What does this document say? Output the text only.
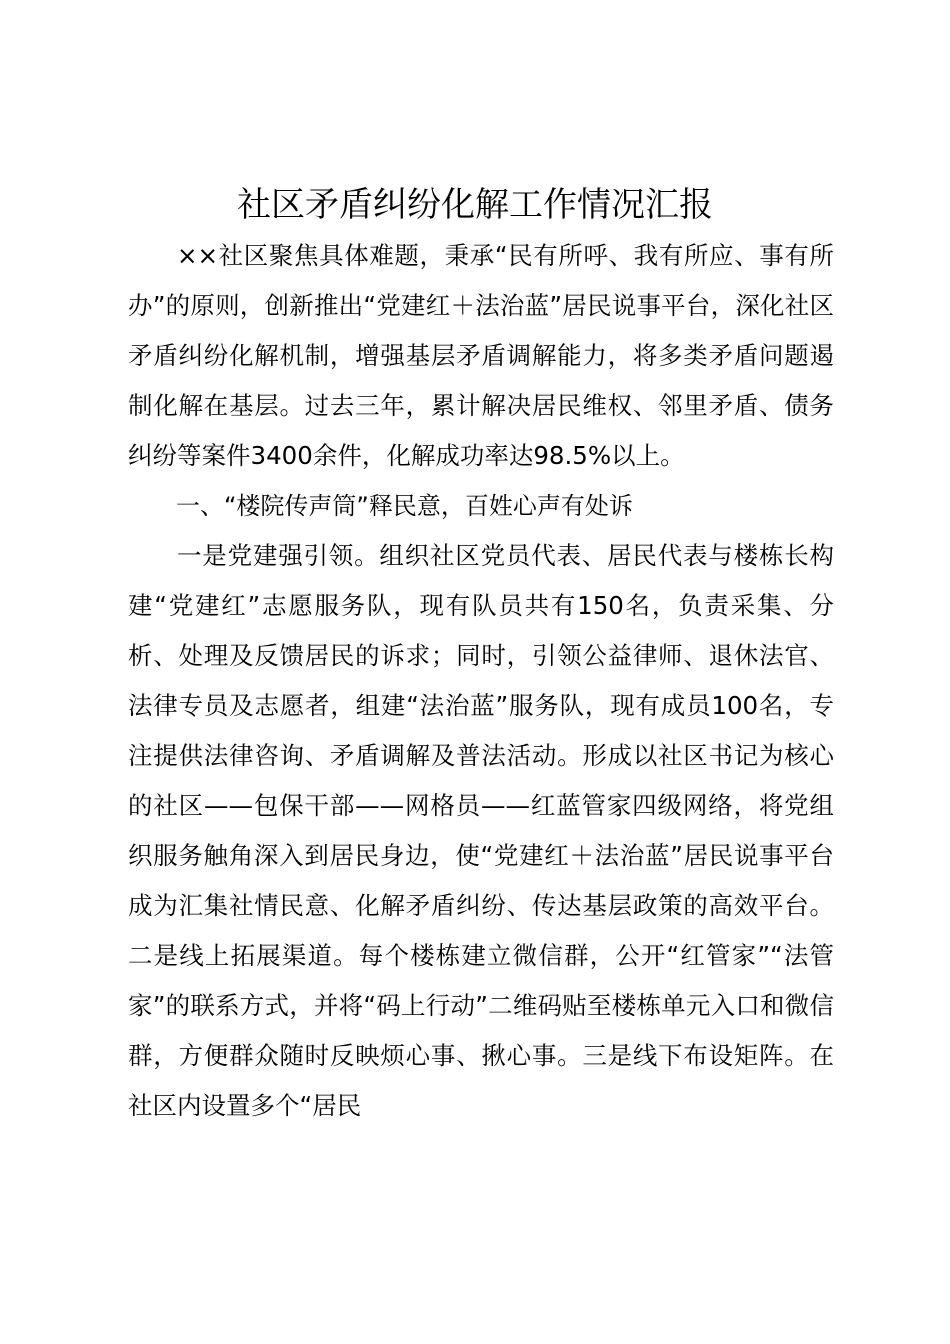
社区矛盾纠纷化解工作情况汇报

××社区聚焦具体难题，秉承“民有所呼、我有所应、事有所办”的原则，创新推出“党建红＋法治蓝”居民说事平台，深化社区矛盾纠纷化解机制，增强基层矛盾调解能力，将多类矛盾问题遏制化解在基层。过去三年，累计解决居民维权、邻里矛盾、债务纠纷等案件3400余件，化解成功率达98.5%以上。

一、“楼院传声筒”释民意，百姓心声有处诉

一是党建强引领。组织社区党员代表、居民代表与楼栋长构建“党建红”志愿服务队，现有队员共有150名，负责采集、分析、处理及反馈居民的诉求；同时，引领公益律师、退休法官、法律专员及志愿者，组建“法治蓝”服务队，现有成员100名，专注提供法律咨询、矛盾调解及普法活动。形成以社区书记为核心的社区——包保干部——网格员——红蓝管家四级网络，将党组织服务触角深入到居民身边，使“党建红＋法治蓝”居民说事平台成为汇集社情民意、化解矛盾纠纷、传达基层政策的高效平台。二是线上拓展渠道。每个楼栋建立微信群，公开“红管家”“法管家”的联系方式，并将“码上行动”二维码贴至楼栋单元入口和微信群，方便群众随时反映烦心事、揪心事。三是线下布设矩阵。在社区内设置多个“居民
